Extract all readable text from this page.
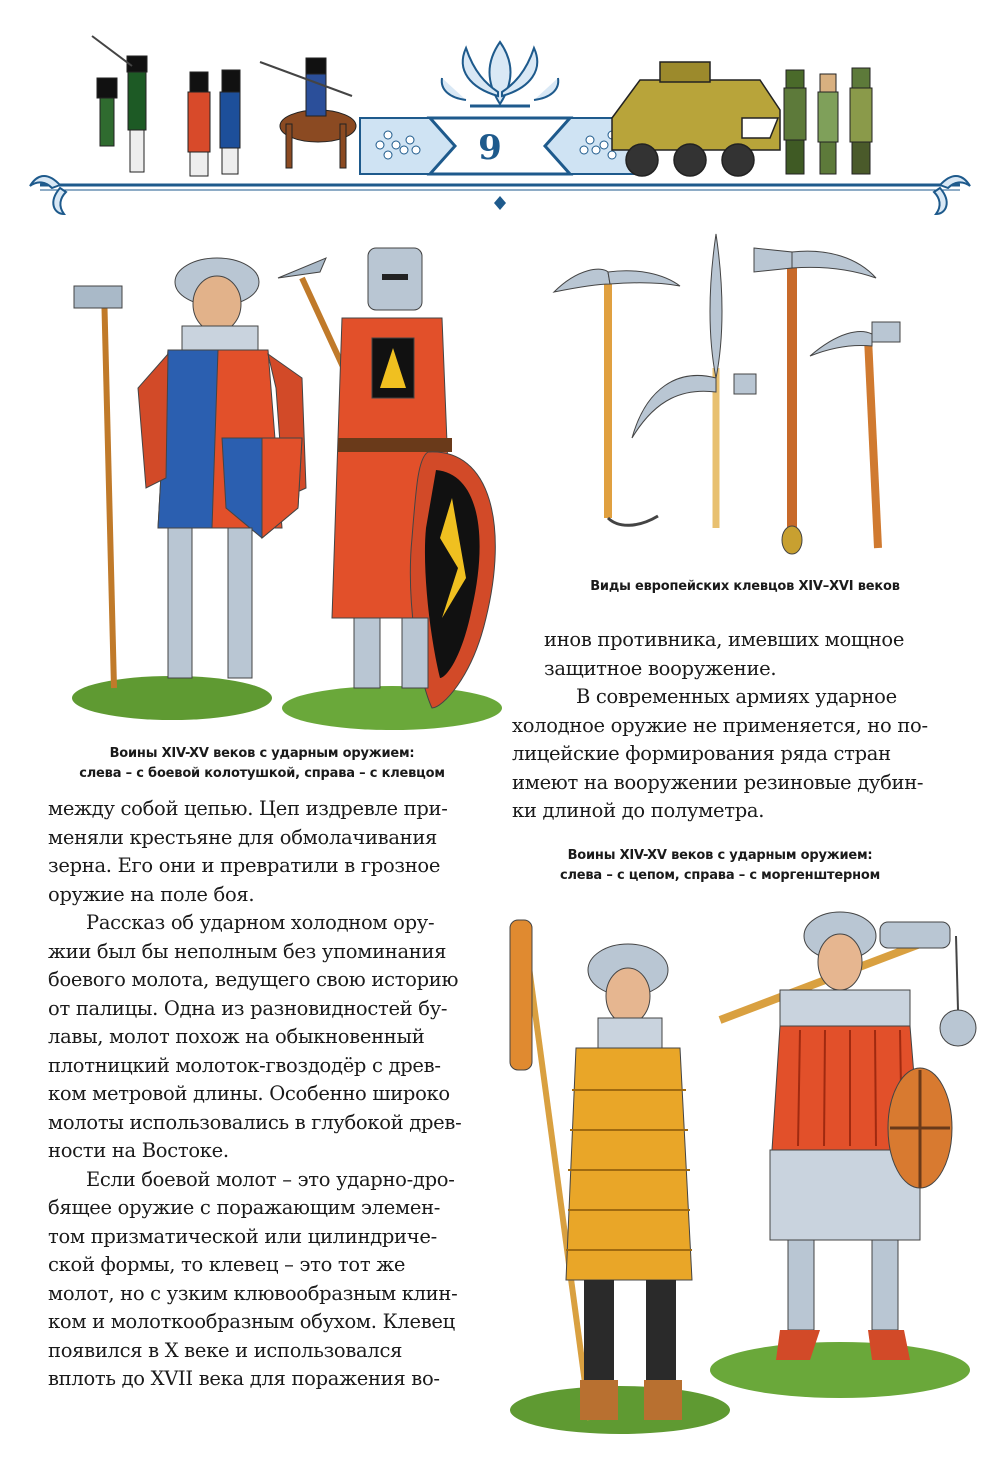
9
Воины XIV-XV веков с ударным оружием:
слева – с боевой колотушкой, справа – с клевцом
Виды европейских клевцов XIV–XVI веков
инов противника, имевших мощное
защитное вооружение.
В современных армиях ударное
холодное оружие не применяется, но по-
лицейские формирования ряда стран
имеют на вооружении резиновые дубин-
ки длиной до полуметра.
Воины XIV-XV веков с ударным оружием:
слева – с цепом, справа – с моргенштерном
между собой цепью. Цеп издревле при-
меняли крестьяне для обмолачивания
зерна. Его они и превратили в грозное
оружие на поле боя.
Рассказ об ударном холодном ору-
жии был бы неполным без упоминания
боевого молота, ведущего свою историю
от палицы. Одна из разновидностей бу-
лавы, молот похож на обыкновенный
плотницкий молоток-гвоздодёр с древ-
ком метровой длины. Особенно широко
молоты использовались в глубокой древ-
ности на Востоке.
Если боевой молот – это ударно-дро-
бящее оружие с поражающим элемен-
том призматической или цилиндриче-
ской формы, то клевец – это тот же
молот, но с узким клювообразным клин-
ком и молоткообразным обухом. Клевец
появился в X веке и использовался
вплоть до XVII века для поражения во-
